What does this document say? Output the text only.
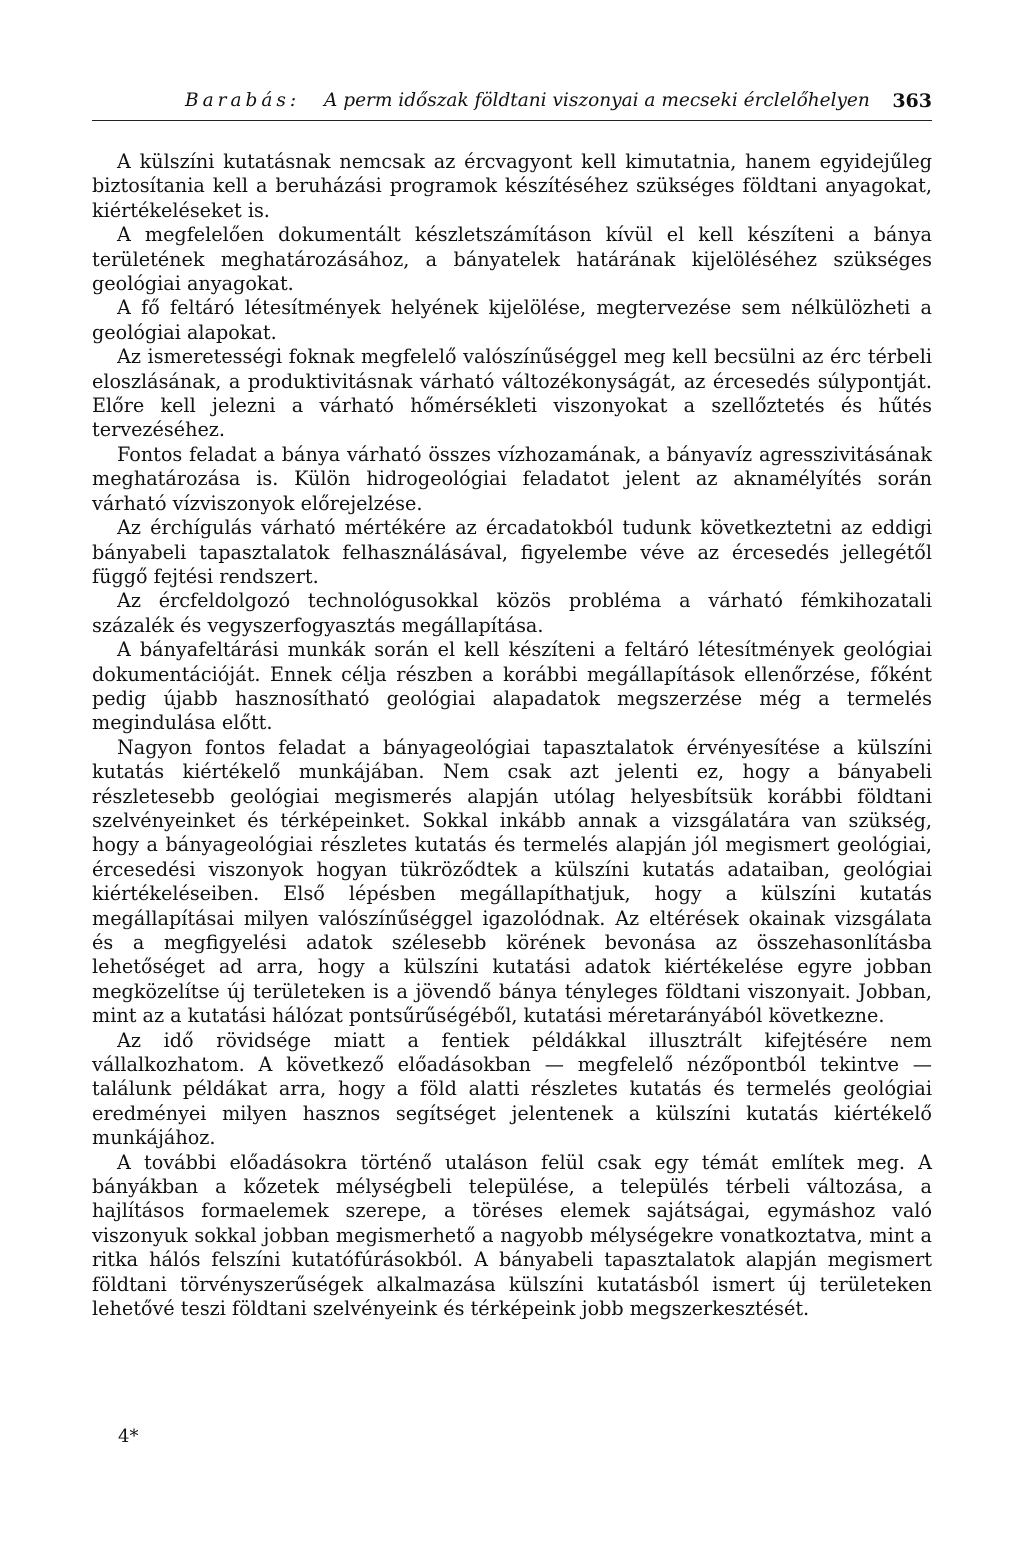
Barabás: A perm időszak földtani viszonyai a mecseki érclelőhelyen 363

A külszíni kutatásnak nemcsak az ércvagyont kell kimutatnia, hanem egyidejűleg biztosítania kell a beruházási programok készítéséhez szükséges földtani anyagokat, kiértékeléseket is.

A megfelelően dokumentált készletszámításon kívül el kell készíteni a bánya területének meghatározásához, a bányatelek határának kijelöléséhez szükséges geológiai anyagokat.

A fő feltáró létesítmények helyének kijelölése, megtervezése sem nélkülözheti a geológiai alapokat.

Az ismeretességi foknak megfelelő valószínűséggel meg kell becsülni az érc térbeli eloszlásának, a produktivitásnak várható változékonyságát, az ércesedés súlypontját. Előre kell jelezni a várható hőmérsékleti viszonyokat a szellőztetés és hűtés tervezéséhez.

Fontos feladat a bánya várható összes vízhozamának, a bányavíz agresszivitásának meghatározása is. Külön hidrogeológiai feladatot jelent az aknamélyítés során várható vízviszonyok előrejelzése.

Az érchígulás várható mértékére az ércadatokból tudunk következtetni az eddigi bányabeli tapasztalatok felhasználásával, figyelembe véve az ércesedés jellegétől függő fejtési rendszert.

Az ércfeldolgozó technológusokkal közös probléma a várható fémkihozatali százalék és vegyszerfogyasztás megállapítása.

A bányafeltárási munkák során el kell készíteni a feltáró létesítmények geológiai dokumentációját. Ennek célja részben a korábbi megállapítások ellenőrzése, főként pedig újabb hasznosítható geológiai alapadatok megszerzése még a termelés megindulása előtt.

Nagyon fontos feladat a bányageológiai tapasztalatok érvényesítése a külszíni kutatás kiértékelő munkájában. Nem csak azt jelenti ez, hogy a bányabeli részletesebb geológiai megismerés alapján utólag helyesbítsük korábbi földtani szelvényeinket és térképeinket. Sokkal inkább annak a vizsgálatára van szükség, hogy a bányageológiai részletes kutatás és termelés alapján jól megismert geológiai, ércesedési viszonyok hogyan tükröződtek a külszíni kutatás adataiban, geológiai kiértékeléseiben. Első lépésben megállapíthatjuk, hogy a külszíni kutatás megállapításai milyen valószínűséggel igazolódnak. Az eltérések okainak vizsgálata és a megfigyelési adatok szélesebb körének bevonása az összehasonlításba lehetőséget ad arra, hogy a külszíni kutatási adatok kiértékelése egyre jobban megközelítse új területeken is a jövendő bánya tényleges földtani viszonyait. Jobban, mint az a kutatási hálózat pontsűrűségéből, kutatási méretarányából következne.

Az idő rövidsége miatt a fentiek példákkal illusztrált kifejtésére nem vállalkozhatom. A következő előadásokban — megfelelő nézőpontból tekintve — találunk példákat arra, hogy a föld alatti részletes kutatás és termelés geológiai eredményei milyen hasznos segítséget jelentenek a külszíni kutatás kiértékelő munkájához.

A további előadásokra történő utaláson felül csak egy témát említek meg. A bányákban a kőzetek mélységbeli települése, a település térbeli változása, a hajlításos formaelemek szerepe, a töréses elemek sajátságai, egymáshoz való viszonyuk sokkal jobban megismerhető a nagyobb mélységekre vonatkoztatva, mint a ritka hálós felszíni kutatófúrásokból. A bányabeli tapasztalatok alapján megismert földtani törvényszerűségek alkalmazása külszíni kutatásból ismert új területeken lehetővé teszi földtani szelvényeink és térképeink jobb megszerkesztését.

4*
